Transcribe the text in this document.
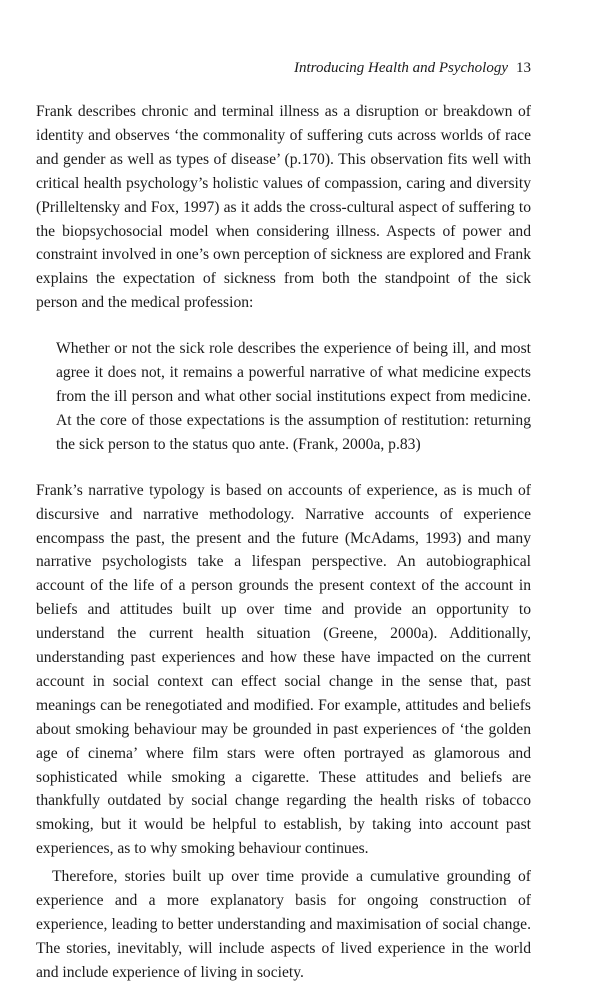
Introducing Health and Psychology 13

Frank describes chronic and terminal illness as a disruption or breakdown of identity and observes ‘the commonality of suffering cuts across worlds of race and gender as well as types of disease’ (p.170). This observation fits well with critical health psychology’s holistic values of compassion, caring and diversity (Prilleltensky and Fox, 1997) as it adds the cross-cultural aspect of suffering to the biopsychosocial model when considering illness. Aspects of power and constraint involved in one’s own perception of sickness are explored and Frank explains the expectation of sickness from both the standpoint of the sick person and the medical profession:

Whether or not the sick role describes the experience of being ill, and most agree it does not, it remains a powerful narrative of what medicine expects from the ill person and what other social institutions expect from medicine. At the core of those expectations is the assumption of restitution: returning the sick person to the status quo ante. (Frank, 2000a, p.83)

Frank’s narrative typology is based on accounts of experience, as is much of discursive and narrative methodology. Narrative accounts of experience encompass the past, the present and the future (McAdams, 1993) and many narrative psychologists take a lifespan perspective. An autobiographical account of the life of a person grounds the present context of the account in beliefs and attitudes built up over time and provide an opportunity to understand the current health situation (Greene, 2000a). Additionally, understanding past experiences and how these have impacted on the current account in social context can effect social change in the sense that, past meanings can be renegotiated and modified. For example, attitudes and beliefs about smoking behaviour may be grounded in past experiences of ‘the golden age of cinema’ where film stars were often portrayed as glamorous and sophisticated while smoking a cigarette. These attitudes and beliefs are thankfully outdated by social change regarding the health risks of tobacco smoking, but it would be helpful to establish, by taking into account past experiences, as to why smoking behaviour continues.

Therefore, stories built up over time provide a cumulative grounding of experience and a more explanatory basis for ongoing construction of experience, leading to better understanding and maximisation of social change. The stories, inevitably, will include aspects of lived experience in the world and include experience of living in society.
